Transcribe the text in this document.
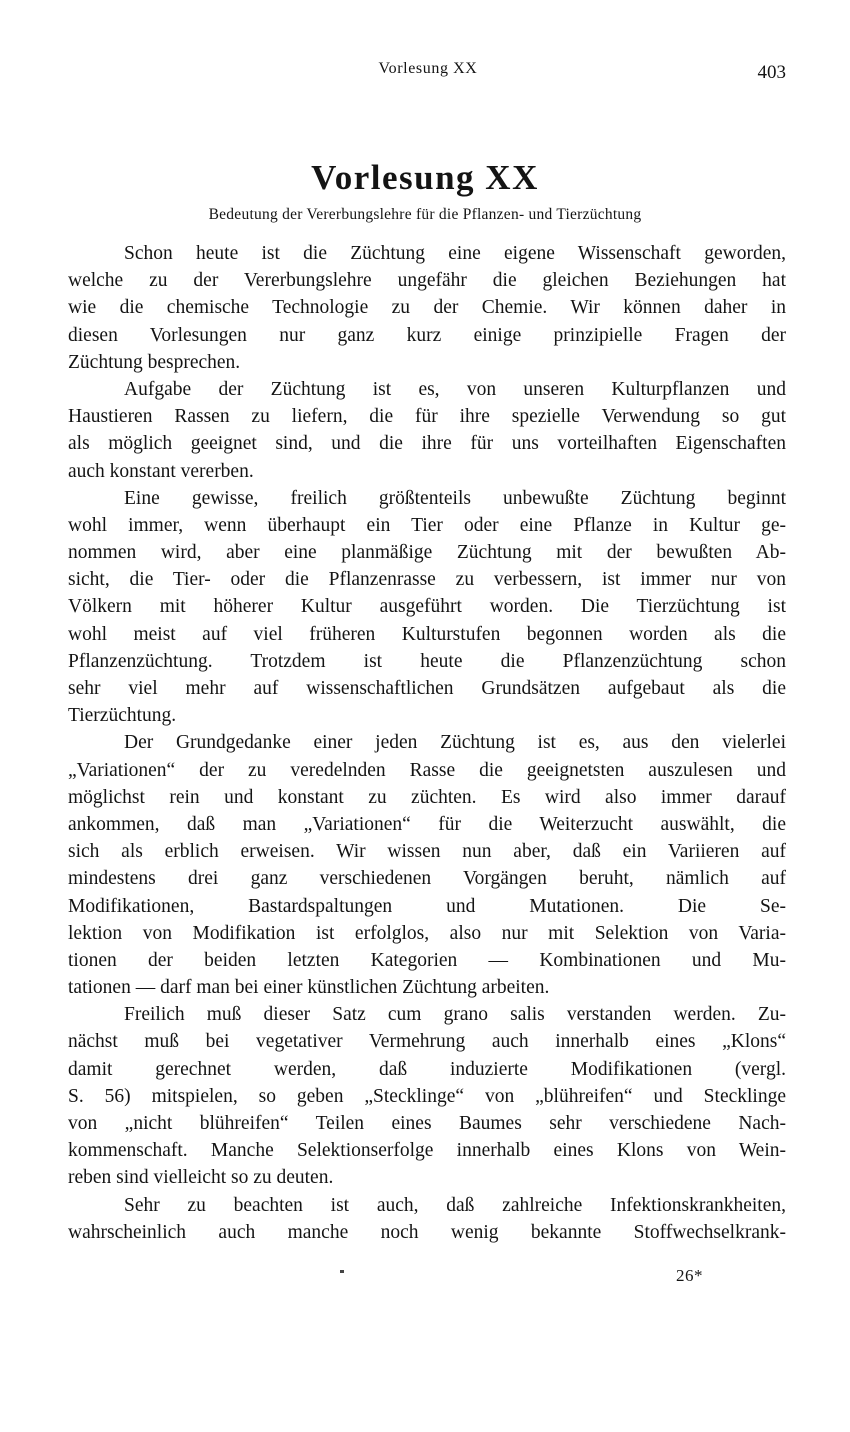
Vorlesung XX	403
Vorlesung XX
Bedeutung der Vererbungslehre für die Pflanzen- und Tierzüchtung
Schon heute ist die Züchtung eine eigene Wissenschaft geworden,
welche zu der Vererbungslehre ungefähr die gleichen Beziehungen hat
wie die chemische Technologie zu der Chemie. Wir können daher in
diesen Vorlesungen nur ganz kurz einige prinzipielle Fragen der
Züchtung besprechen.
Aufgabe der Züchtung ist es, von unseren Kulturpflanzen und
Haustieren Rassen zu liefern, die für ihre spezielle Verwendung so gut
als möglich geeignet sind, und die ihre für uns vorteilhaften Eigenschaften
auch konstant vererben.
Eine gewisse, freilich größtenteils unbewußte Züchtung beginnt
wohl immer, wenn überhaupt ein Tier oder eine Pflanze in Kultur ge-
nommen wird, aber eine planmäßige Züchtung mit der bewußten Ab-
sicht, die Tier- oder die Pflanzenrasse zu verbessern, ist immer nur von
Völkern mit höherer Kultur ausgeführt worden. Die Tierzüchtung ist
wohl meist auf viel früheren Kulturstufen begonnen worden als die
Pflanzenzüchtung. Trotzdem ist heute die Pflanzenzüchtung schon
sehr viel mehr auf wissenschaftlichen Grundsätzen aufgebaut als die
Tierzüchtung.
Der Grundgedanke einer jeden Züchtung ist es, aus den vielerlei
„Variationen“ der zu veredelnden Rasse die geeignetsten auszulesen und
möglichst rein und konstant zu züchten. Es wird also immer darauf
ankommen, daß man „Variationen“ für die Weiterzucht auswählt, die
sich als erblich erweisen. Wir wissen nun aber, daß ein Variieren auf
mindestens drei ganz verschiedenen Vorgängen beruht, nämlich auf
Modifikationen, Bastardspaltungen und Mutationen. Die Se-
lektion von Modifikation ist erfolglos, also nur mit Selektion von Varia-
tionen der beiden letzten Kategorien — Kombinationen und Mu-
tationen — darf man bei einer künstlichen Züchtung arbeiten.
Freilich muß dieser Satz cum grano salis verstanden werden. Zu-
nächst muß bei vegetativer Vermehrung auch innerhalb eines „Klons“
damit gerechnet werden, daß induzierte Modifikationen (vergl.
S. 56) mitspielen, so geben „Stecklinge“ von „blühreifen“ und Stecklinge
von „nicht blühreifen“ Teilen eines Baumes sehr verschiedene Nach-
kommenschaft. Manche Selektionserfolge innerhalb eines Klons von Wein-
reben sind vielleicht so zu deuten.
Sehr zu beachten ist auch, daß zahlreiche Infektionskrankheiten,
wahrscheinlich auch manche noch wenig bekannte Stoffwechselkrank-
26*
